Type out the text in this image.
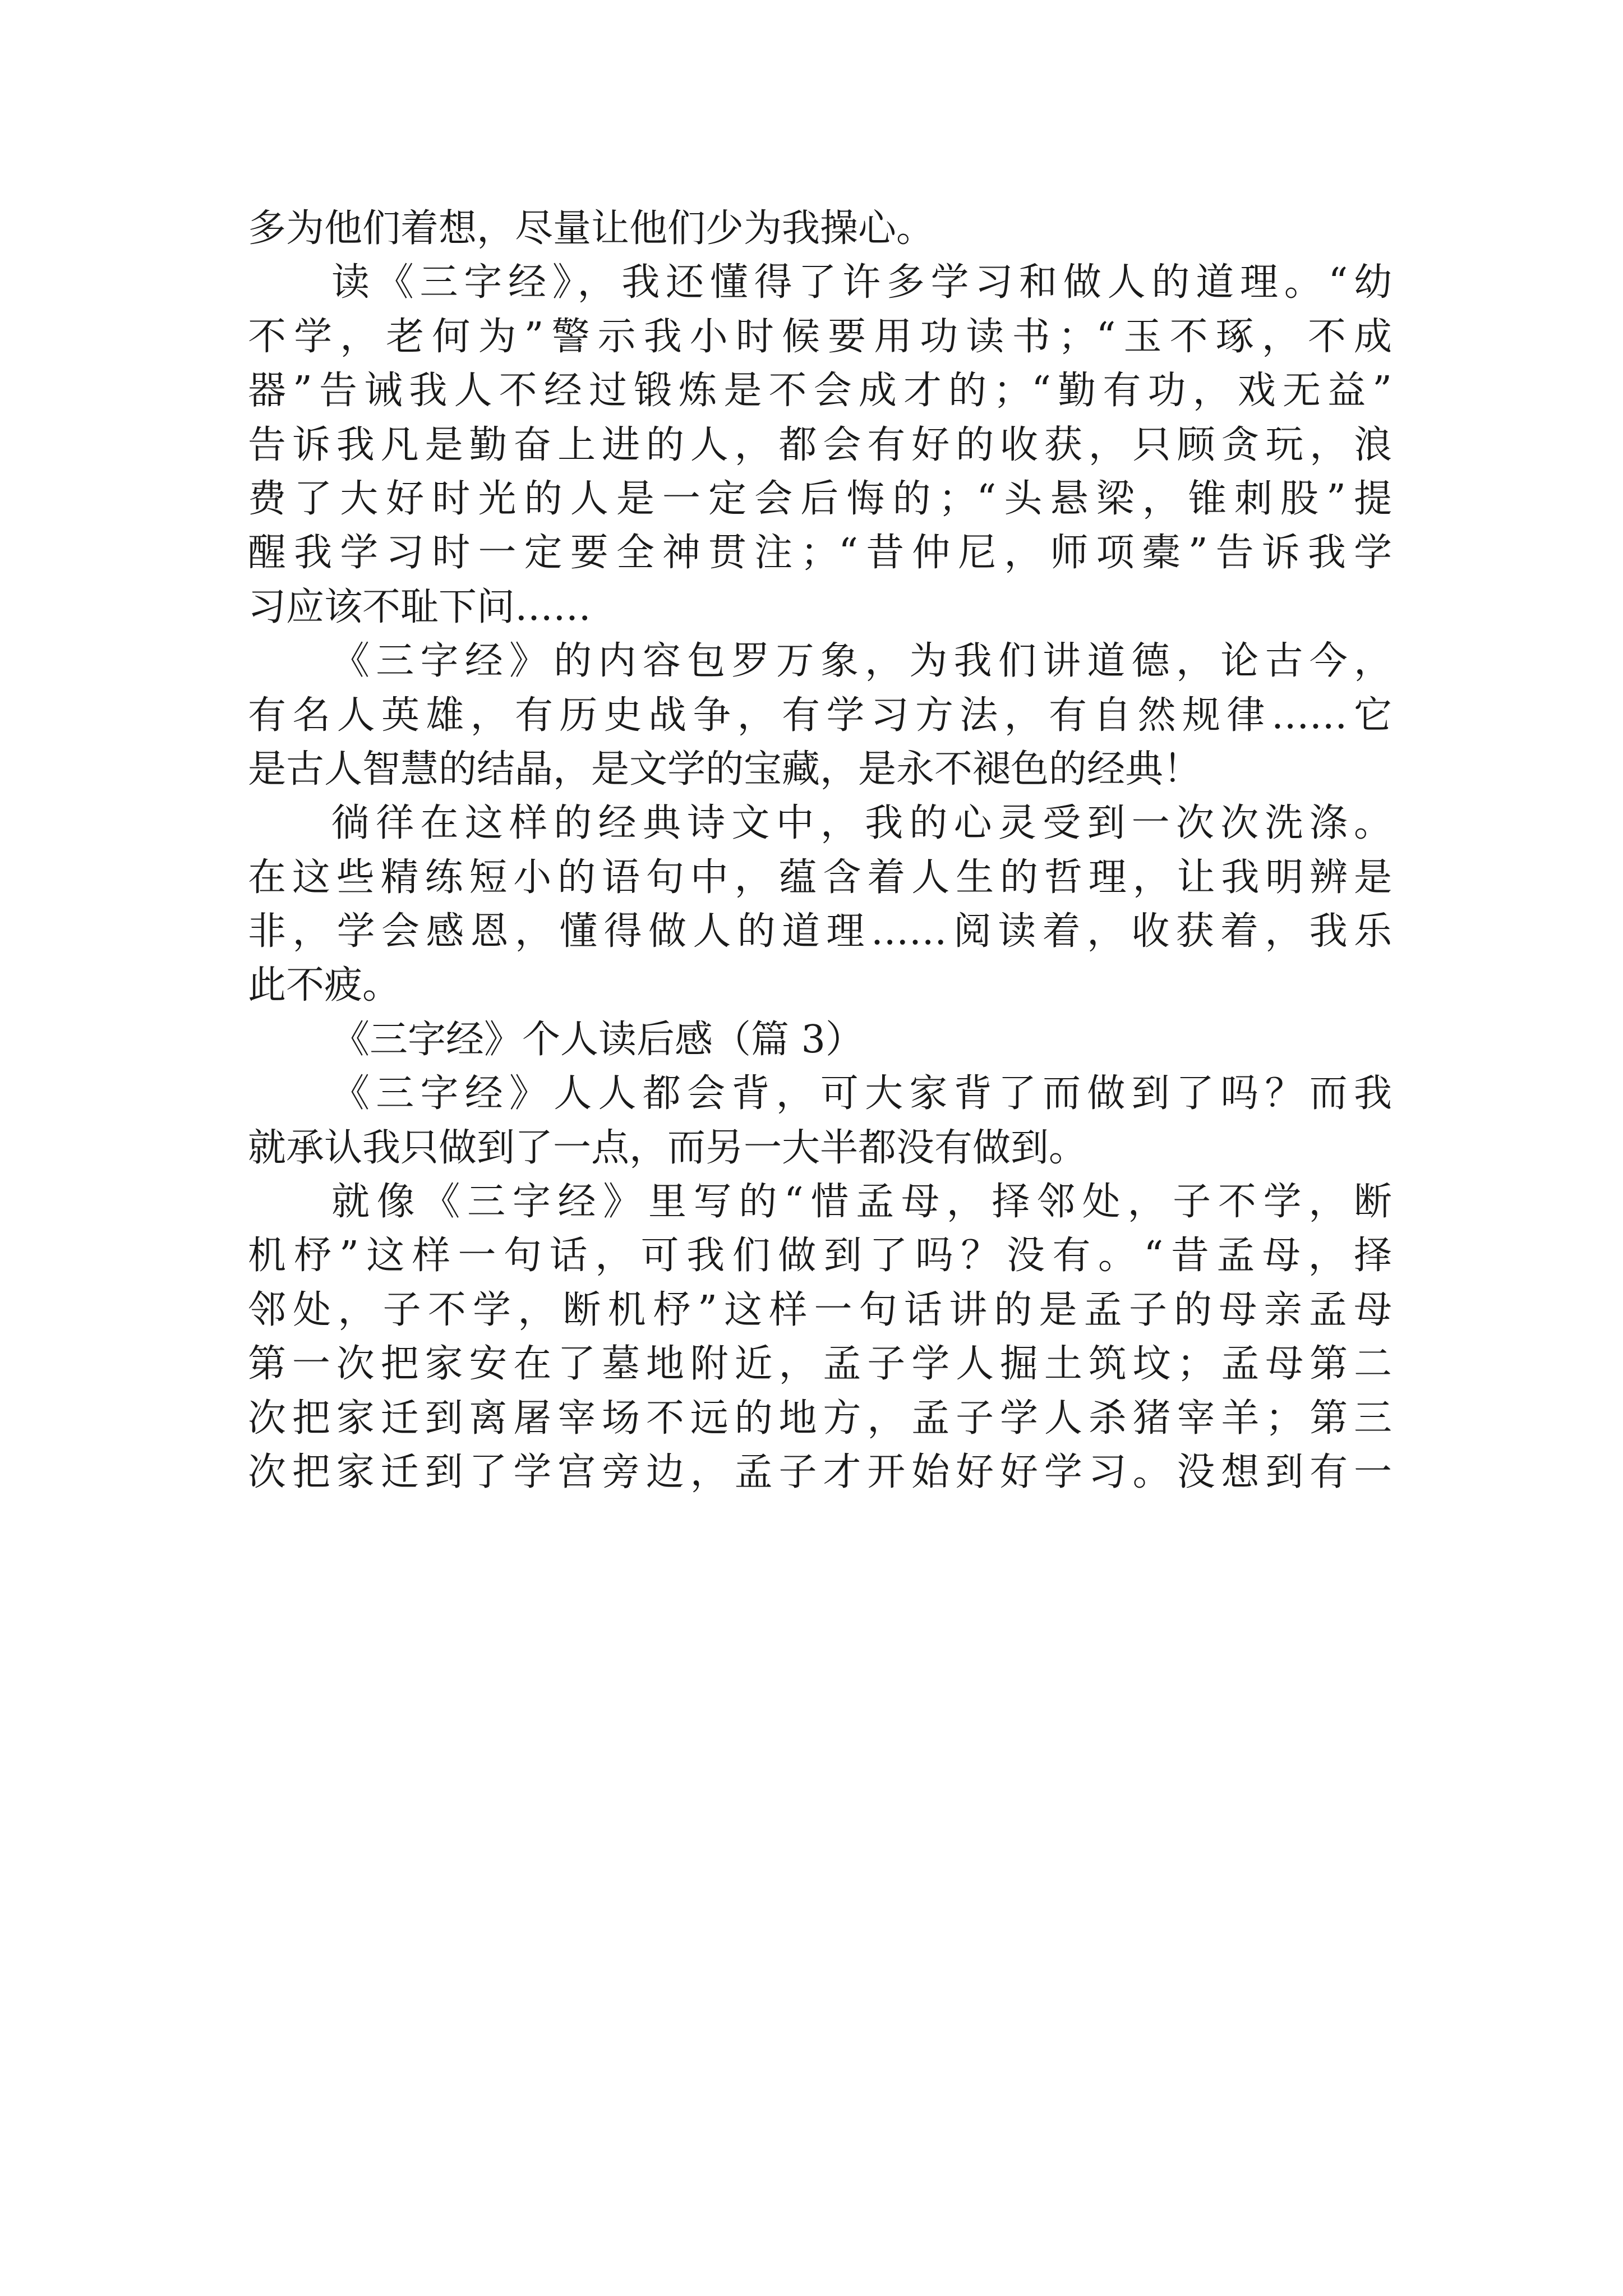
多为他们着想，尽量让他们少为我操心。
读《三字经》，我还懂得了许多学习和做人的道理。“幼
不学，老何为”警示我小时候要用功读书；“玉不琢，不成
器”告诫我人不经过锻炼是不会成才的；“勤有功，戏无益”
告诉我凡是勤奋上进的人，都会有好的收获，只顾贪玩，浪
费了大好时光的人是一定会后悔的；“头悬梁，锥刺股”提
醒我学习时一定要全神贯注；“昔仲尼，师项橐”告诉我学
习应该不耻下问……
《三字经》的内容包罗万象，为我们讲道德，论古今，
有名人英雄，有历史战争，有学习方法，有自然规律……它
是古人智慧的结晶，是文学的宝藏，是永不褪色的经典！
徜徉在这样的经典诗文中，我的心灵受到一次次洗涤。
在这些精练短小的语句中，蕴含着人生的哲理，让我明辨是
非，学会感恩，懂得做人的道理……阅读着，收获着，我乐
此不疲。
《三字经》个人读后感（篇 3）
《三字经》人人都会背，可大家背了而做到了吗？而我
就承认我只做到了一点，而另一大半都没有做到。
就像《三字经》里写的“惜孟母，择邻处，子不学，断
机杼”这样一句话，可我们做到了吗？没有。“昔孟母，择
邻处，子不学，断机杼”这样一句话讲的是孟子的母亲孟母
第一次把家安在了墓地附近，孟子学人掘土筑坟；孟母第二
次把家迁到离屠宰场不远的地方，孟子学人杀猪宰羊；第三
次把家迁到了学宫旁边，孟子才开始好好学习。没想到有一
